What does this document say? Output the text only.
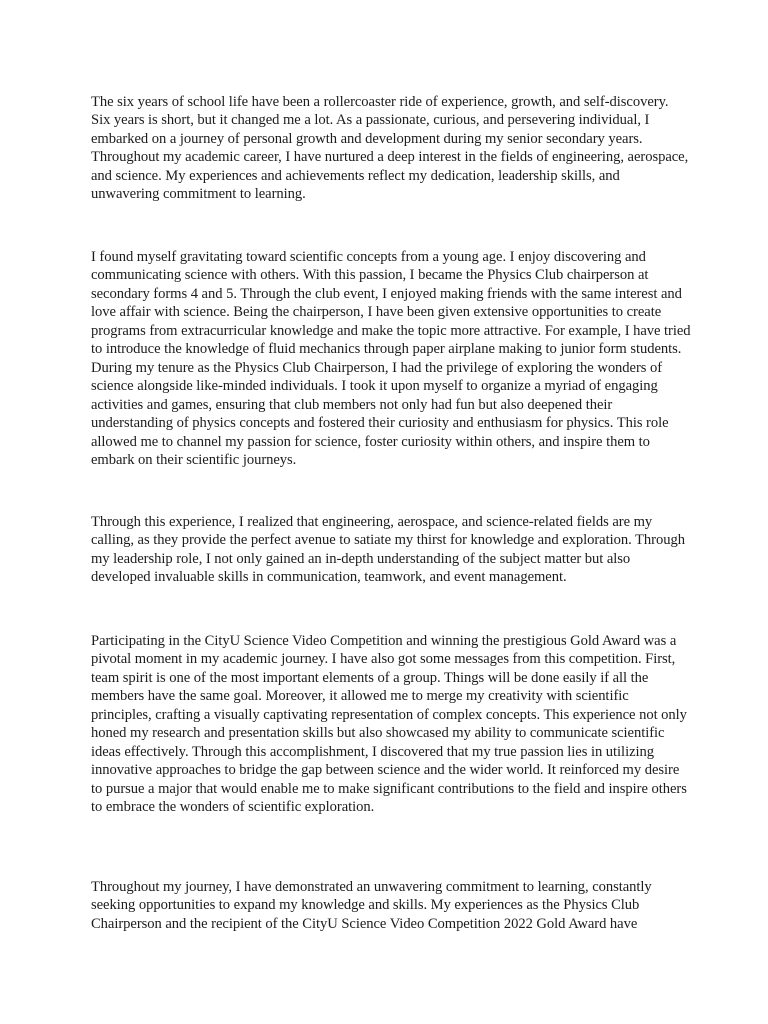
The six years of school life have been a rollercoaster ride of experience, growth, and self-discovery. Six years is short, but it changed me a lot. As a passionate, curious, and persevering individual, I embarked on a journey of personal growth and development during my senior secondary years. Throughout my academic career, I have nurtured a deep interest in the fields of engineering, aerospace, and science. My experiences and achievements reflect my dedication, leadership skills, and unwavering commitment to learning.

I found myself gravitating toward scientific concepts from a young age. I enjoy discovering and communicating science with others. With this passion, I became the Physics Club chairperson at secondary forms 4 and 5. Through the club event, I enjoyed making friends with the same interest and love affair with science. Being the chairperson, I have been given extensive opportunities to create programs from extracurricular knowledge and make the topic more attractive. For example, I have tried to introduce the knowledge of fluid mechanics through paper airplane making to junior form students. During my tenure as the Physics Club Chairperson, I had the privilege of exploring the wonders of science alongside like-minded individuals. I took it upon myself to organize a myriad of engaging activities and games, ensuring that club members not only had fun but also deepened their understanding of physics concepts and fostered their curiosity and enthusiasm for physics. This role allowed me to channel my passion for science, foster curiosity within others, and inspire them to embark on their scientific journeys.

Through this experience, I realized that engineering, aerospace, and science-related fields are my calling, as they provide the perfect avenue to satiate my thirst for knowledge and exploration. Through my leadership role, I not only gained an in-depth understanding of the subject matter but also developed invaluable skills in communication, teamwork, and event management.

Participating in the CityU Science Video Competition and winning the prestigious Gold Award was a pivotal moment in my academic journey. I have also got some messages from this competition. First, team spirit is one of the most important elements of a group. Things will be done easily if all the members have the same goal. Moreover, it allowed me to merge my creativity with scientific principles, crafting a visually captivating representation of complex concepts. This experience not only honed my research and presentation skills but also showcased my ability to communicate scientific ideas effectively. Through this accomplishment, I discovered that my true passion lies in utilizing innovative approaches to bridge the gap between science and the wider world. It reinforced my desire to pursue a major that would enable me to make significant contributions to the field and inspire others to embrace the wonders of scientific exploration.

Throughout my journey, I have demonstrated an unwavering commitment to learning, constantly seeking opportunities to expand my knowledge and skills. My experiences as the Physics Club Chairperson and the recipient of the CityU Science Video Competition 2022 Gold Award have
